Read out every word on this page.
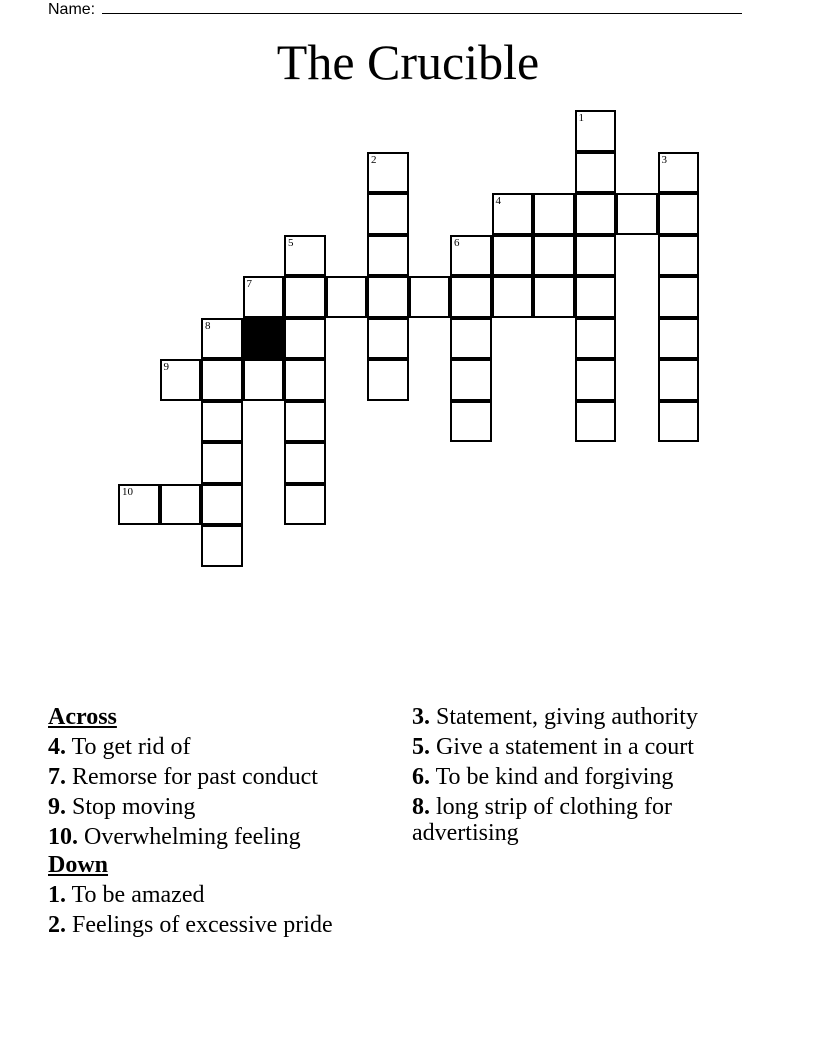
Name:
The Crucible
1
2	3
4
5	6
7
8
9
10
Across
4. To get rid of
7. Remorse for past conduct
9. Stop moving
10. Overwhelming feeling
Down
1. To be amazed
2. Feelings of excessive pride
3. Statement, giving authority
5. Give a statement in a court
6. To be kind and forgiving
8. long strip of clothing for advertising
